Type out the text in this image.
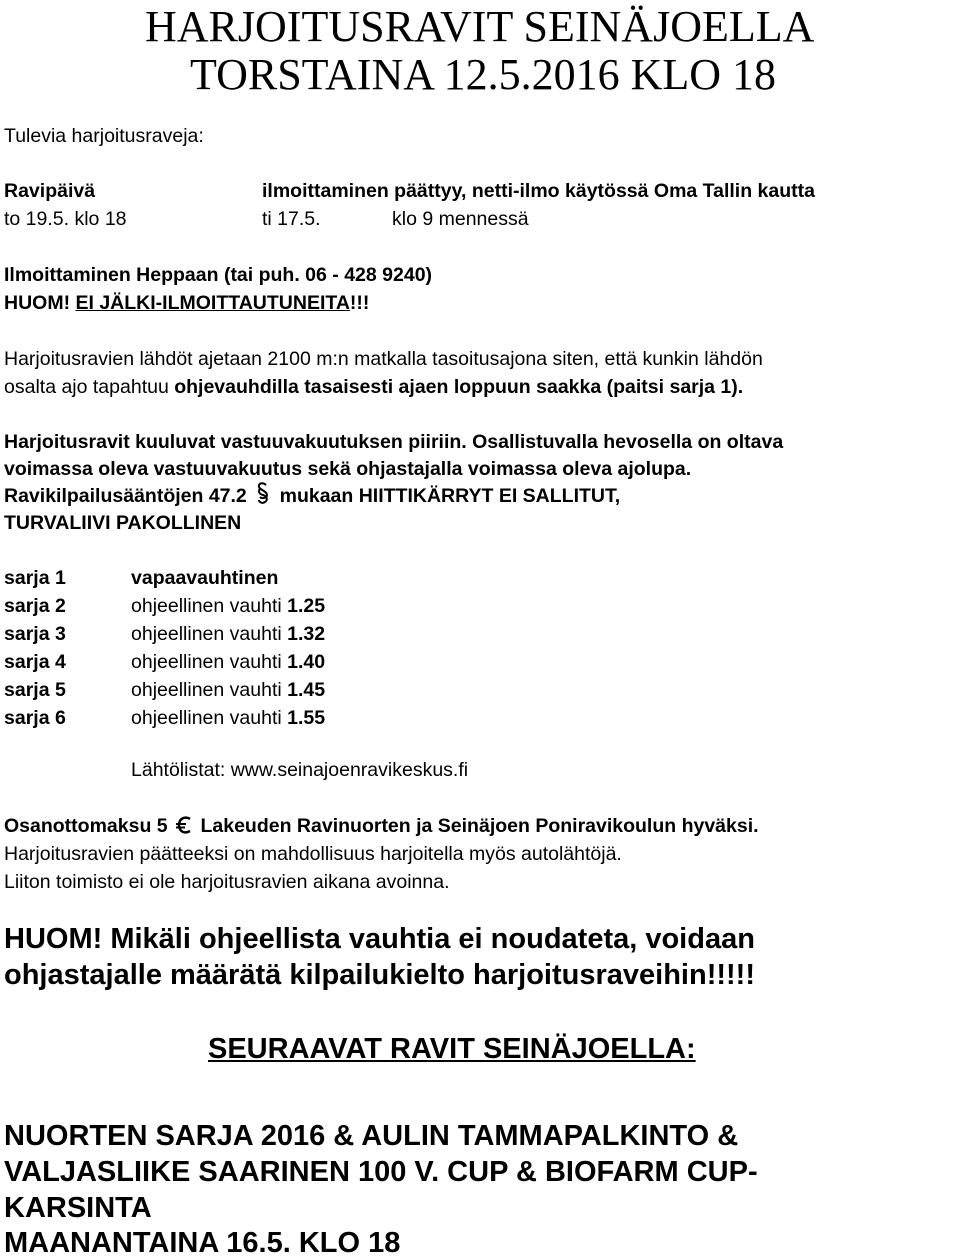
HARJOITUSRAVIT SEINÄJOELLA
TORSTAINA 12.5.2016 KLO 18
Tulevia harjoitusraveja:
Ravipäivä	ilmoittaminen päättyy, netti-ilmo käytössä Oma Tallin kautta
to 19.5. klo 18	ti 17.5.	klo 9 mennessä
Ilmoittaminen Heppaan (tai puh. 06 - 428 9240)
HUOM! EI JÄLKI-ILMOITTAUTUNEITA!!!
Harjoitusravien lähdöt ajetaan 2100 m:n matkalla tasoitusajona siten, että kunkin lähdön
osalta ajo tapahtuu ohjevauhdilla tasaisesti ajaen loppuun saakka (paitsi sarja 1).
Harjoitusravit kuuluvat vastuuvakuutuksen piiriin. Osallistuvalla hevosella on oltava
voimassa oleva vastuuvakuutus sekä ohjastajalla voimassa oleva ajolupa.
Ravikilpailusääntöjen 47.2  mukaan HIITTIKÄRRYT EI SALLITUT,
TURVALIIVI PAKOLLINEN
sarja 1	vapaavauhtinen
sarja 2	ohjeellinen vauhti 1.25
sarja 3	ohjeellinen vauhti 1.32
sarja 4	ohjeellinen vauhti 1.40
sarja 5	ohjeellinen vauhti 1.45
sarja 6	ohjeellinen vauhti 1.55
Lähtölistat: www.seinajoenravikeskus.fi
Osanottomaksu 5 Lakeuden Ravinuorten ja Seinäjoen Poniravikoulun hyväksi.
Harjoitusravien päätteeksi on mahdollisuus harjoitella myös autolähtöjä.
Liiton toimisto ei ole harjoitusravien aikana avoinna.
HUOM! Mikäli ohjeellista vauhtia ei noudateta, voidaan
ohjastajalle määrätä kilpailukielto harjoitusraveihin!!!!!
SEURAAVAT RAVIT SEINÄJOELLA:
NUORTEN SARJA 2016 & AULIN TAMMAPALKINTO &
VALJASLIIKE SAARINEN 100 V. CUP & BIOFARM CUP-
KARSINTA
MAANANTAINA 16.5. KLO 18
